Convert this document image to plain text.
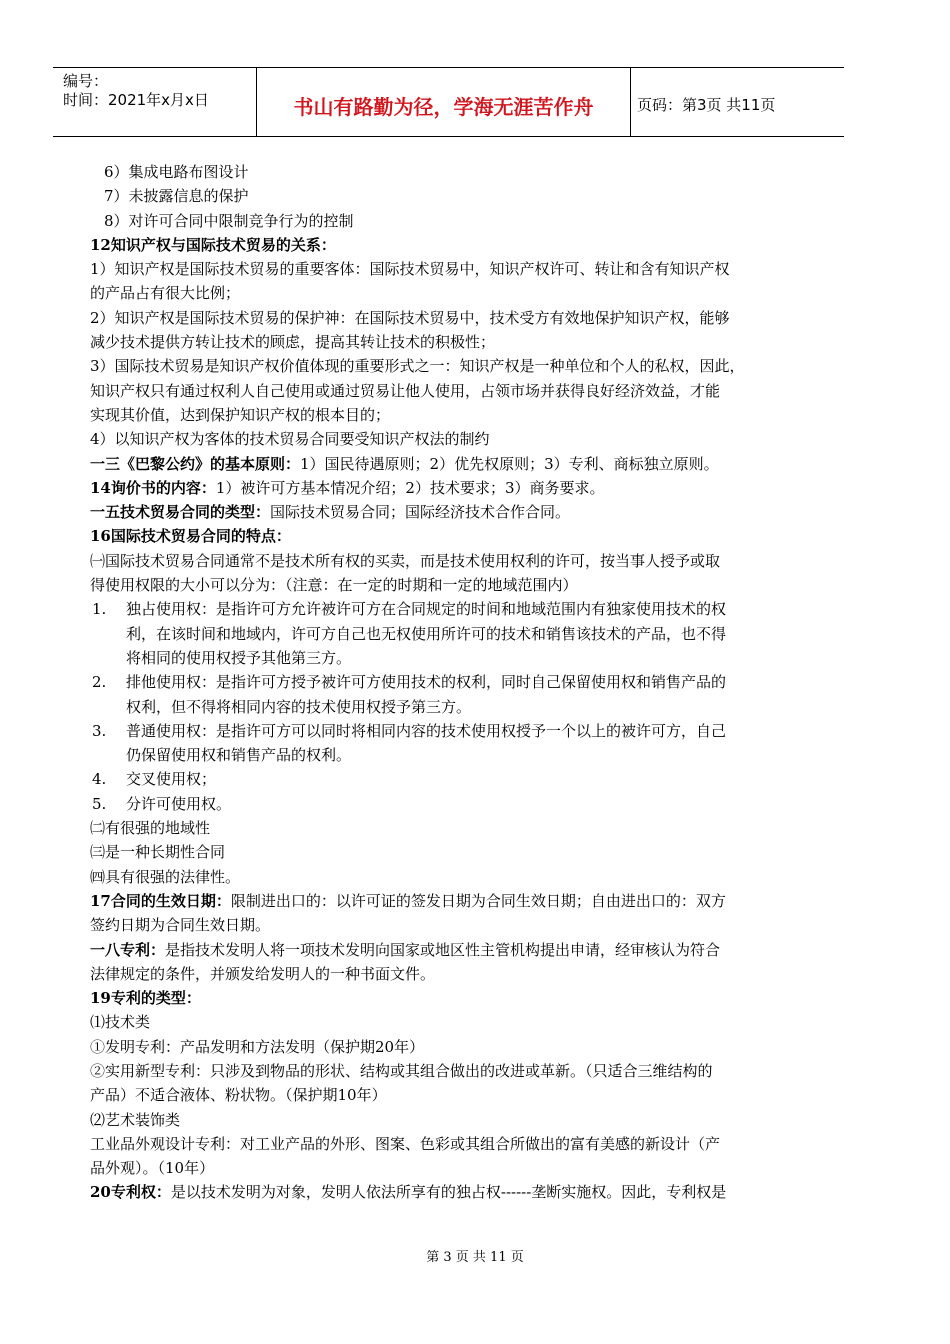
编号：
时间：2021年x月x日	书山有路勤为径，学海无涯苦作舟	页码：第3页 共11页
6）集成电路布图设计
7）未披露信息的保护
8）对许可合同中限制竞争行为的控制
12知识产权与国际技术贸易的关系：
1）知识产权是国际技术贸易的重要客体：国际技术贸易中，知识产权许可、转让和含有知识产权
的产品占有很大比例；
2）知识产权是国际技术贸易的保护神：在国际技术贸易中，技术受方有效地保护知识产权，能够
减少技术提供方转让技术的顾虑，提高其转让技术的积极性；
3）国际技术贸易是知识产权价值体现的重要形式之一：知识产权是一种单位和个人的私权，因此，
知识产权只有通过权利人自己使用或通过贸易让他人使用，占领市场并获得良好经济效益，才能
实现其价值，达到保护知识产权的根本目的；
4）以知识产权为客体的技术贸易合同要受知识产权法的制约
一三《巴黎公约》的基本原则：1）国民待遇原则；2）优先权原则；3）专利、商标独立原则。
14询价书的内容：1）被许可方基本情况介绍；2）技术要求；3）商务要求。
一五技术贸易合同的类型：国际技术贸易合同；国际经济技术合作合同。
16国际技术贸易合同的特点：
㈠国际技术贸易合同通常不是技术所有权的买卖，而是技术使用权利的许可，按当事人授予或取
得使用权限的大小可以分为：（注意：在一定的时期和一定的地域范围内）
1. 独占使用权：是指许可方允许被许可方在合同规定的时间和地域范围内有独家使用技术的权
利，在该时间和地域内，许可方自己也无权使用所许可的技术和销售该技术的产品，也不得
将相同的使用权授予其他第三方。
2. 排他使用权：是指许可方授予被许可方使用技术的权利，同时自己保留使用权和销售产品的
权利，但不得将相同内容的技术使用权授予第三方。
3. 普通使用权：是指许可方可以同时将相同内容的技术使用权授予一个以上的被许可方，自己
仍保留使用权和销售产品的权利。
4. 交叉使用权；
5. 分许可使用权。
㈡有很强的地域性
㈢是一种长期性合同
㈣具有很强的法律性。
17合同的生效日期：限制进出口的：以许可证的签发日期为合同生效日期；自由进出口的：双方
签约日期为合同生效日期。
一八专利：是指技术发明人将一项技术发明向国家或地区性主管机构提出申请，经审核认为符合
法律规定的条件，并颁发给发明人的一种书面文件。
19专利的类型：
⑴技术类
①发明专利：产品发明和方法发明（保护期20年）
②实用新型专利：只涉及到物品的形状、结构或其组合做出的改进或革新。（只适合三维结构的
产品）不适合液体、粉状物。（保护期10年）
⑵艺术装饰类
工业品外观设计专利：对工业产品的外形、图案、色彩或其组合所做出的富有美感的新设计（产
品外观）。（10年）
20专利权：是以技术发明为对象，发明人依法所享有的独占权------垄断实施权。因此，专利权是
第 3 页 共 11 页
